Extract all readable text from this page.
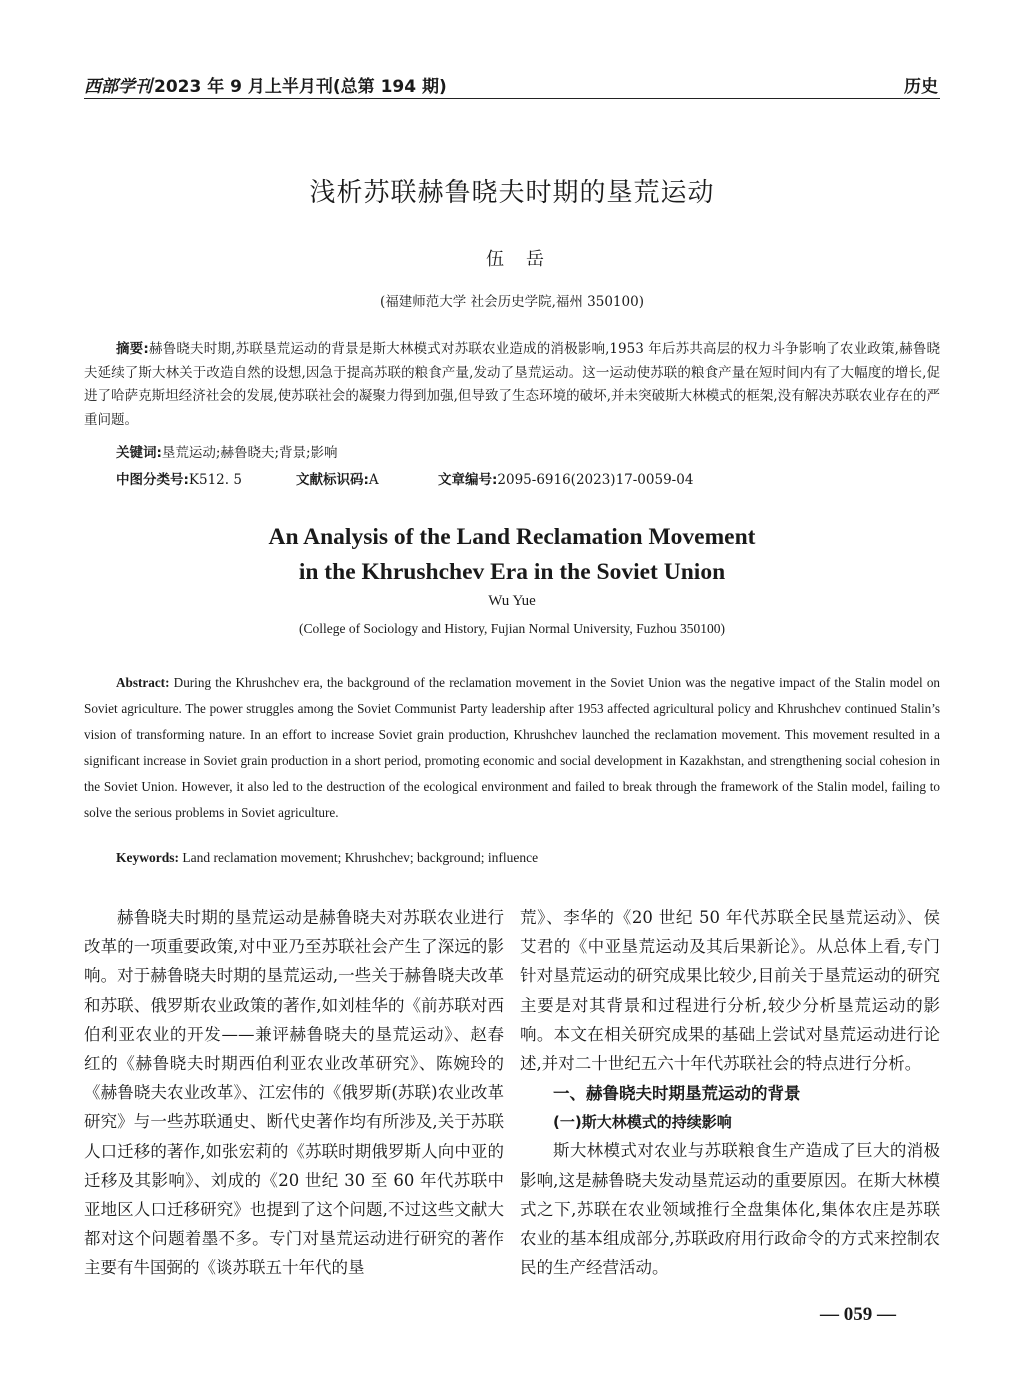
西部学刊 2023 年 9 月上半月刊(总第 194 期)	历史
浅析苏联赫鲁晓夫时期的垦荒运动
伍岳
(福建师范大学 社会历史学院,福州 350100)
摘要:赫鲁晓夫时期,苏联垦荒运动的背景是斯大林模式对苏联农业造成的消极影响,1953 年后苏共高层的权力斗争影响了农业政策,赫鲁晓夫延续了斯大林关于改造自然的设想,因急于提高苏联的粮食产量,发动了垦荒运动。这一运动使苏联的粮食产量在短时间内有了大幅度的增长,促进了哈萨克斯坦经济社会的发展,使苏联社会的凝聚力得到加强,但导致了生态环境的破坏,并未突破斯大林模式的框架,没有解决苏联农业存在的严重问题。
关键词:垦荒运动;赫鲁晓夫;背景;影响
中图分类号:K512. 5	文献标识码:A	文章编号:2095-6916(2023)17-0059-04
An Analysis of the Land Reclamation Movement
in the Khrushchev Era in the Soviet Union
Wu Yue
(College of Sociology and History, Fujian Normal University, Fuzhou 350100)
Abstract: During the Khrushchev era, the background of the reclamation movement in the Soviet Union was the negative impact of the Stalin model on Soviet agriculture. The power struggles among the Soviet Communist Party leadership after 1953 affected agricultural policy and Khrushchev continued Stalin’s vision of transforming nature. In an effort to increase Soviet grain production, Khrushchev launched the reclamation movement. This movement resulted in a significant increase in Soviet grain production in a short period, promoting economic and social development in Kazakhstan, and strengthening social cohesion in the Soviet Union. However, it also led to the destruction of the ecological environment and failed to break through the framework of the Stalin model, failing to solve the serious problems in Soviet agriculture.
Keywords: Land reclamation movement; Khrushchev; background; influence

赫鲁晓夫时期的垦荒运动是赫鲁晓夫对苏联农业进行改革的一项重要政策,对中亚乃至苏联社会产生了深远的影响。对于赫鲁晓夫时期的垦荒运动,一些关于赫鲁晓夫改革和苏联、俄罗斯农业政策的著作,如刘桂华的《前苏联对西伯利亚农业的开发——兼评赫鲁晓夫的垦荒运动》、赵春红的《赫鲁晓夫时期西伯利亚农业改革研究》、陈婉玲的《赫鲁晓夫农业改革》、江宏伟的《俄罗斯(苏联)农业改革研究》与一些苏联通史、断代史著作均有所涉及,关于苏联人口迁移的著作,如张宏莉的《苏联时期俄罗斯人向中亚的迁移及其影响》、刘成的《20 世纪 30 至 60 年代苏联中亚地区人口迁移研究》也提到了这个问题,不过这些文献大都对这个问题着墨不多。专门对垦荒运动进行研究的著作主要有牛国弼的《谈苏联五十年代的垦

荒》、李华的《20 世纪 50 年代苏联全民垦荒运动》、侯艾君的《中亚垦荒运动及其后果新论》。从总体上看,专门针对垦荒运动的研究成果比较少,目前关于垦荒运动的研究主要是对其背景和过程进行分析,较少分析垦荒运动的影响。本文在相关研究成果的基础上尝试对垦荒运动进行论述,并对二十世纪五六十年代苏联社会的特点进行分析。

一、赫鲁晓夫时期垦荒运动的背景
(一)斯大林模式的持续影响

斯大林模式对农业与苏联粮食生产造成了巨大的消极影响,这是赫鲁晓夫发动垦荒运动的重要原因。在斯大林模式之下,苏联在农业领域推行全盘集体化,集体农庄是苏联农业的基本组成部分,苏联政府用行政命令的方式来控制农民的生产经营活动。

— 059 —
